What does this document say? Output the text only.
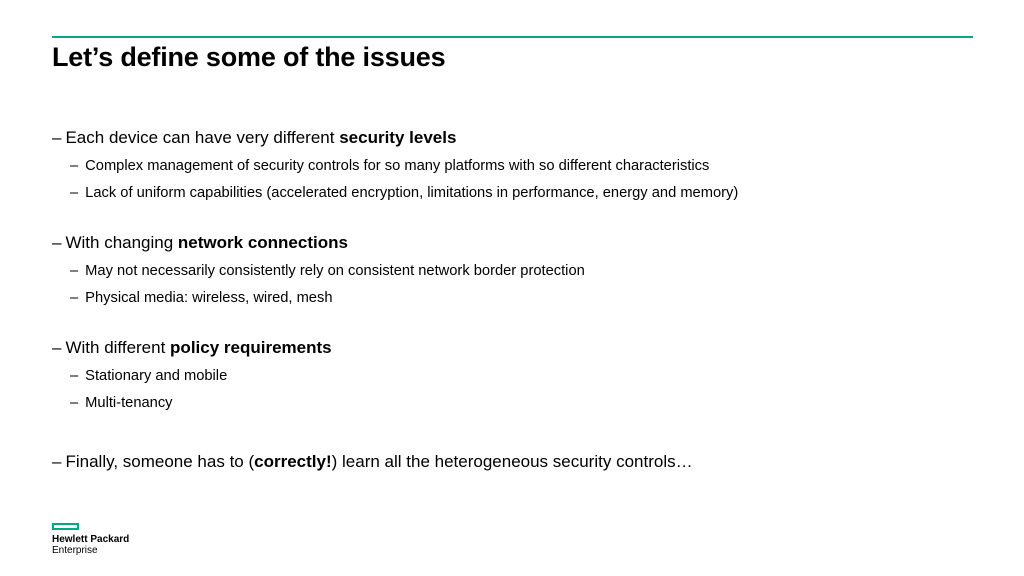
Let’s define some of the issues
– Each device can have very different security levels
– Complex management of security controls for so many platforms with so different characteristics
– Lack of uniform capabilities (accelerated encryption, limitations in performance, energy and memory)
– With changing network connections
– May not necessarily consistently rely on consistent network border protection
– Physical media: wireless, wired, mesh
– With different policy requirements
– Stationary and mobile
– Multi-tenancy
– Finally, someone has to (correctly!) learn all the heterogeneous security controls…
Hewlett Packard
Enterprise
